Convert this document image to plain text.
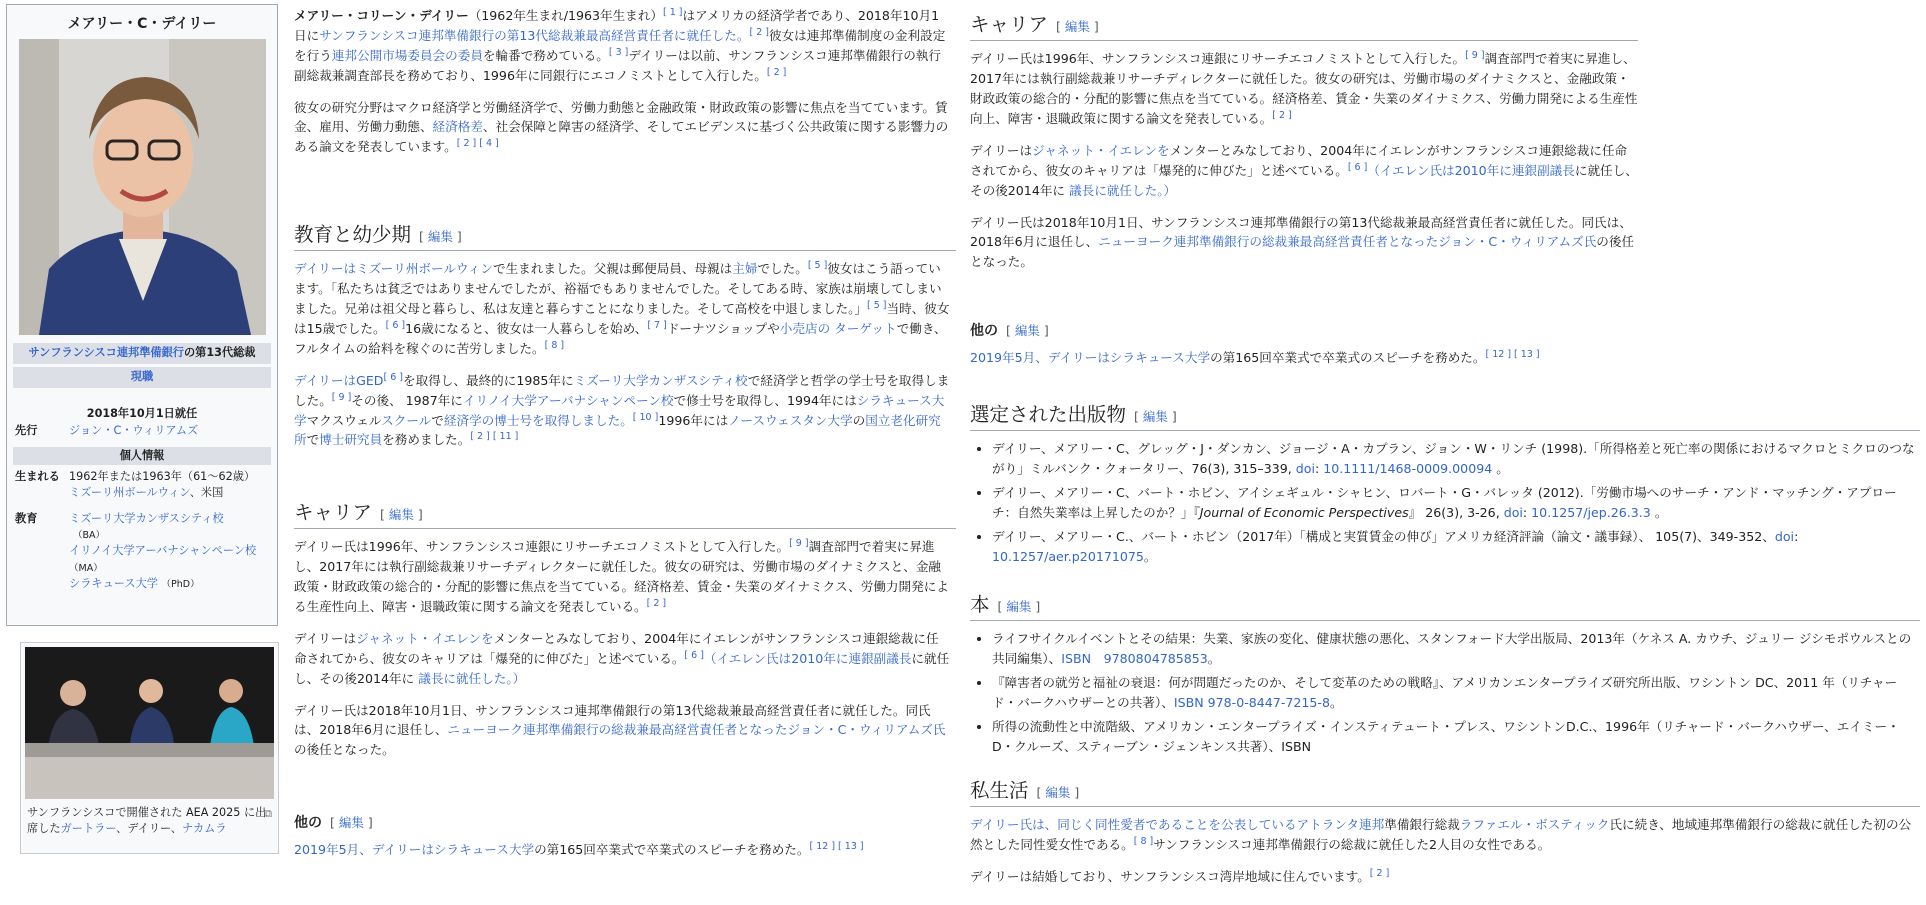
メアリー・C・デイリー
サンフランシスコ連邦準備銀行の第13代総裁
現職
2018年10月1日就任
先行	ジョン・C・ウィリアムズ
個人情報
生まれる 1962年または1963年（61～62歳）
ミズーリ州ボールウィン、米国
教育	ミズーリ大学カンザスシティ校
（BA）
イリノイ大学アーバナシャンペーン校 （MA）
シラキュース大学 （PhD）
⧉
サンフランシスコで開催された AEA 2025 に出席したガートラー、デイリー、ナカムラ

メアリー・コリーン・デイリー（1962年生まれ/1963年生まれ）[ 1 ]はアメリカの経済学者であり、2018年10月1日にサンフランシスコ連邦準備銀行の第13代総裁兼最高経営責任者に就任した。[ 2 ]彼女は連邦準備制度の金利設定を行う連邦公開市場委員会の委員を輪番で務めている。[ 3 ]デイリーは以前、サンフランシスコ連邦準備銀行の執行副総裁兼調査部長を務めており、1996年に同銀行にエコノミストとして入行した。[ 2 ]

彼女の研究分野はマクロ経済学と労働経済学で、労働力動態と金融政策・財政政策の影響に焦点を当てています。賃金、雇用、労働力動態、経済格差、社会保障と障害の経済学、そしてエビデンスに基づく公共政策に関する影響力のある論文を発表しています。[ 2 ] [ 4 ]

教育と幼少期 [ 編集 ]

デイリーはミズーリ州ボールウィンで生まれました。父親は郵便局員、母親は主婦でした。[ 5 ]彼女はこう語っています。「私たちは貧乏ではありませんでしたが、裕福でもありませんでした。そしてある時、家族は崩壊してしまいました。兄弟は祖父母と暮らし、私は友達と暮らすことになりました。そして高校を中退しました。」[ 5 ]当時、彼女は15歳でした。[ 6 ]16歳になると、彼女は一人暮らしを始め、[ 7 ]ドーナツショップや小売店の ターゲットで働き、フルタイムの給料を稼ぐのに苦労しました。[ 8 ]

デイリーはGED[ 6 ]を取得し、最終的に1985年にミズーリ大学カンザスシティ校で経済学と哲学の学士号を取得しました。[ 9 ]その後、 1987年にイリノイ大学アーバナシャンペーン校で修士号を取得し、1994年にはシラキュース大学マクスウェルスクールで経済学の博士号を取得しました。[ 10 ]1996年にはノースウェスタン大学の国立老化研究所で博士研究員を務めました。[ 2 ] [ 11 ]

キャリア [ 編集 ]

デイリー氏は1996年、サンフランシスコ連銀にリサーチエコノミストとして入行した。[ 9 ]調査部門で着実に昇進し、2017年には執行副総裁兼リサーチディレクターに就任した。彼女の研究は、労働市場のダイナミクスと、金融政策・財政政策の総合的・分配的影響に焦点を当てている。経済格差、賃金・失業のダイナミクス、労働力開発による生産性向上、障害・退職政策に関する論文を発表している。[ 2 ]

デイリーはジャネット・イエレンをメンターとみなしており、2004年にイエレンがサンフランシスコ連銀総裁に任命されてから、彼女のキャリアは「爆発的に伸びた」と述べている。[ 6 ]（イエレン氏は2010年に連銀副議長に就任し、その後2014年に 議長に就任した。）

デイリー氏は2018年10月1日、サンフランシスコ連邦準備銀行の第13代総裁兼最高経営責任者に就任した。同氏は、2018年6月に退任し、ニューヨーク連邦準備銀行の総裁兼最高経営責任者となったジョン・C・ウィリアムズ氏の後任となった。

他の [ 編集 ]

2019年5月、デイリーはシラキュース大学の第165回卒業式で卒業式のスピーチを務めた。[ 12 ] [ 13 ]

キャリア [ 編集 ]

デイリー氏は1996年、サンフランシスコ連銀にリサーチエコノミストとして入行した。[ 9 ]調査部門で着実に昇進し、2017年には執行副総裁兼リサーチディレクターに就任した。彼女の研究は、労働市場のダイナミクスと、金融政策・財政政策の総合的・分配的影響に焦点を当てている。経済格差、賃金・失業のダイナミクス、労働力開発による生産性向上、障害・退職政策に関する論文を発表している。[ 2 ]

デイリーはジャネット・イエレンをメンターとみなしており、2004年にイエレンがサンフランシスコ連銀総裁に任命されてから、彼女のキャリアは「爆発的に伸びた」と述べている。[ 6 ]（イエレン氏は2010年に連銀副議長に就任し、その後2014年に 議長に就任した。）

デイリー氏は2018年10月1日、サンフランシスコ連邦準備銀行の第13代総裁兼最高経営責任者に就任した。同氏は、2018年6月に退任し、ニューヨーク連邦準備銀行の総裁兼最高経営責任者となったジョン・C・ウィリアムズ氏の後任となった。

他の [ 編集 ]

2019年5月、デイリーはシラキュース大学の第165回卒業式で卒業式のスピーチを務めた。[ 12 ] [ 13 ]

選定された出版物 [ 編集 ]
• デイリー、メアリー・C、グレッグ・J・ダンカン、ジョージ・A・カプラン、ジョン・W・リンチ (1998).「所得格差と死亡率の関係におけるマクロとミクロのつながり」ミルバンク・クォータリー、76(3), 315–339, doi: 10.1111/1468-0009.00094 。
• デイリー、メアリー・C、バート・ホビン、アイシェギュル・シャヒン、ロバート・G・バレッタ (2012).「労働市場へのサーチ・アンド・マッチング・アプローチ：自然失業率は上昇したのか？」『Journal of Economic Perspectives』 26(3), 3-26, doi: 10.1257/jep.26.3.3 。
• デイリー、メアリー・C.、バート・ホビン（2017年）「構成と実質賃金の伸び」アメリカ経済評論（論文・議事録）、 105(7)、349-352、doi: 10.1257/aer.p20171075。
本 [ 編集 ]
• ライフサイクルイベントとその結果：失業、家族の変化、健康状態の悪化、スタンフォード大学出版局、2013年（ケネス A. カウチ、ジュリー ジシモポウルスとの共同編集）、ISBN　9780804785853。
• 『障害者の就労と福祉の衰退：何が問題だったのか、そして変革のための戦略』、アメリカンエンタープライズ研究所出版、ワシントン DC、2011 年（リチャード・バークハウザーとの共著）、ISBN 978-0-8447-7215-8。
• 所得の流動性と中流階級、アメリカン・エンタープライズ・インスティテュート・プレス、ワシントンD.C.、1996年（リチャード・バークハウザー、エイミー・D・クルーズ、スティーブン・ジェンキンス共著）、ISBN
私生活 [ 編集 ]

デイリー氏は、同じく同性愛者であることを公表しているアトランタ連邦準備銀行総裁ラファエル・ボスティック氏に続き、地域連邦準備銀行の総裁に就任した初の公然とした同性愛女性である。[ 8 ]サンフランシスコ連邦準備銀行の総裁に就任した2人目の女性である。

デイリーは結婚しており、サンフランシスコ湾岸地域に住んでいます。[ 2 ]
